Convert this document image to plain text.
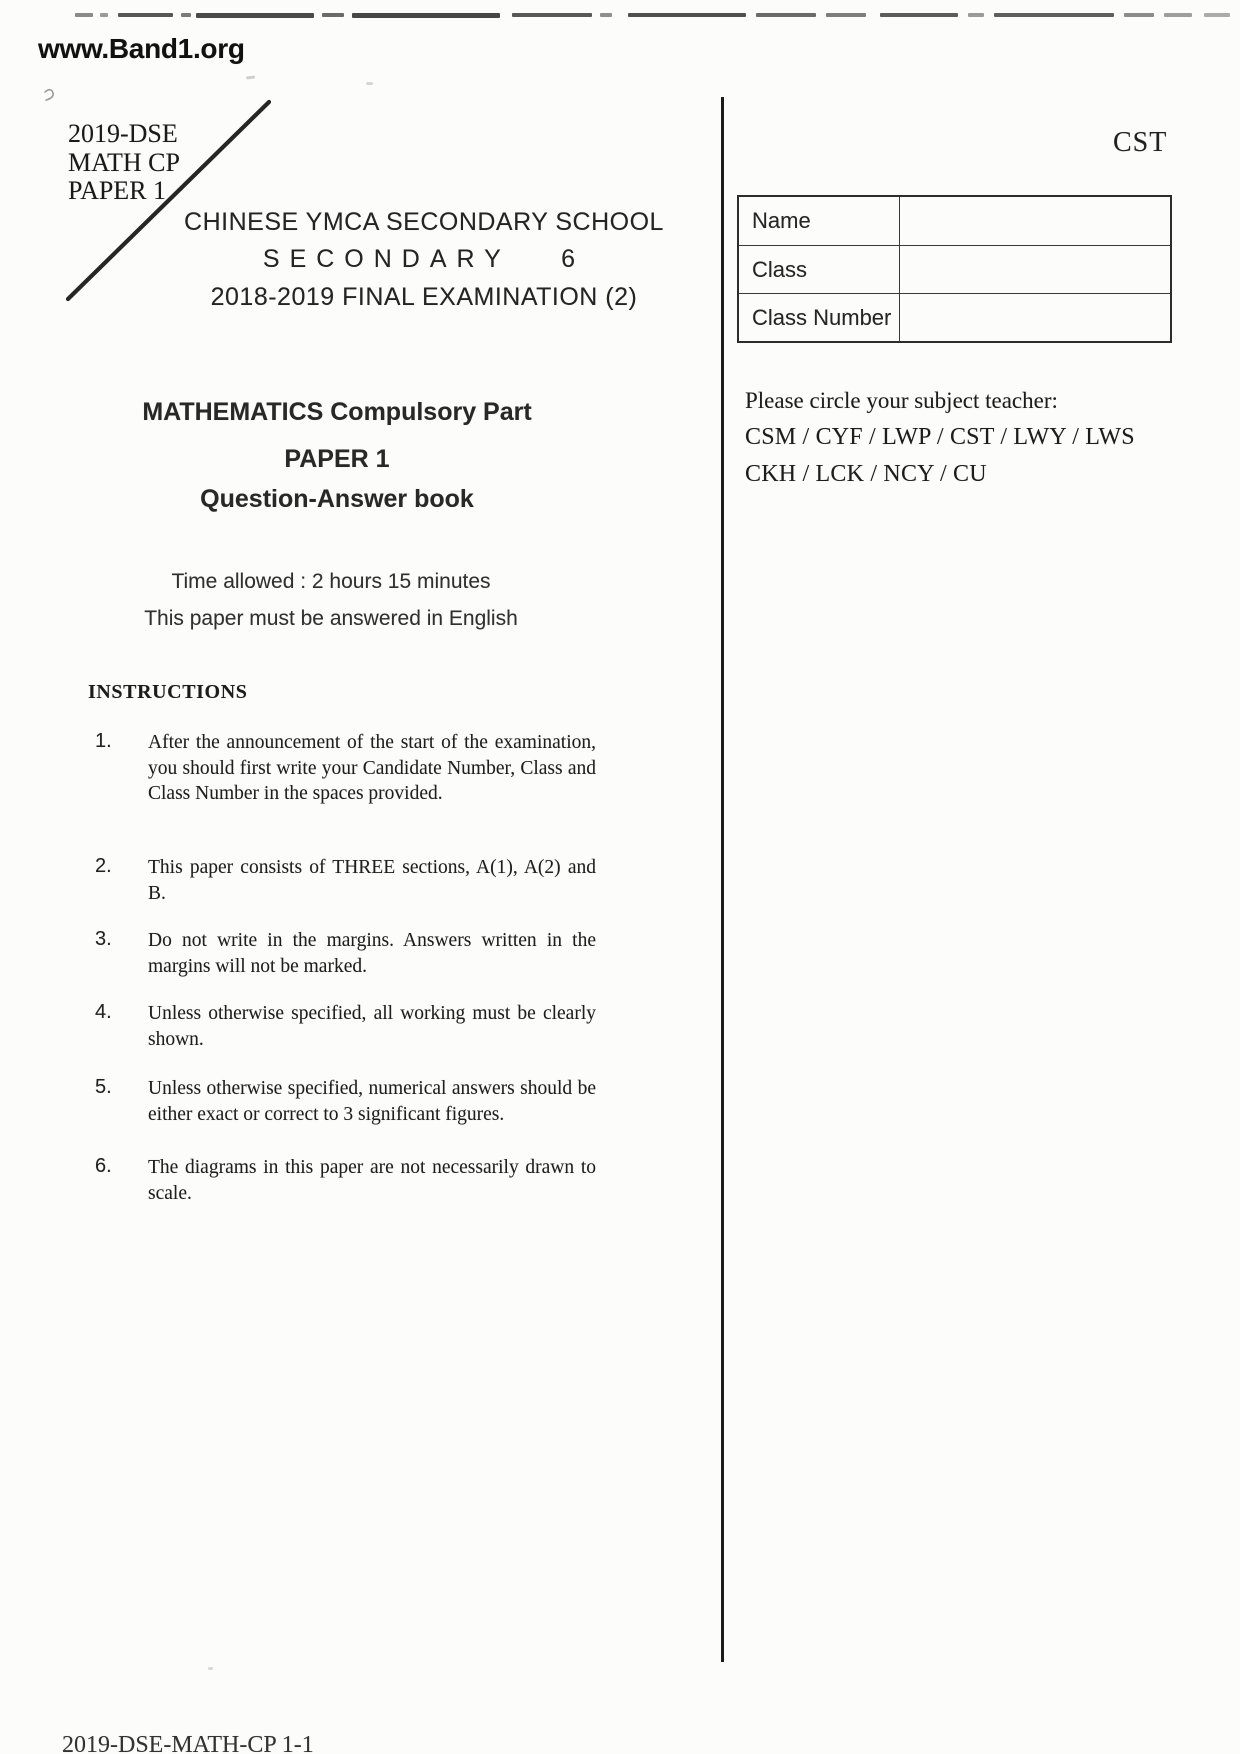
www.Band1.org
2019-DSE
MATH CP
PAPER 1
CHINESE YMCA SECONDARY SCHOOL
SECONDARY   6
2018-2019 FINAL EXAMINATION (2)
MATHEMATICS Compulsory Part
PAPER 1
Question-Answer book
Time allowed : 2 hours 15 minutes
This paper must be answered in English
INSTRUCTIONS
1.	After the announcement of the start of the examination, you should first write your Candidate Number, Class and Class Number in the spaces provided.
2.	This paper consists of THREE sections, A(1), A(2) and B.
3.	Do not write in the margins. Answers written in the margins will not be marked.
4.	Unless otherwise specified, all working must be clearly shown.
5.	Unless otherwise specified, numerical answers should be either exact or correct to 3 significant figures.
6.	The diagrams in this paper are not necessarily drawn to scale.
CST
Name
Class
Class Number
Please circle your subject teacher:
CSM / CYF / LWP / CST / LWY / LWS
CKH / LCK / NCY / CU
2019-DSE-MATH-CP 1-1
